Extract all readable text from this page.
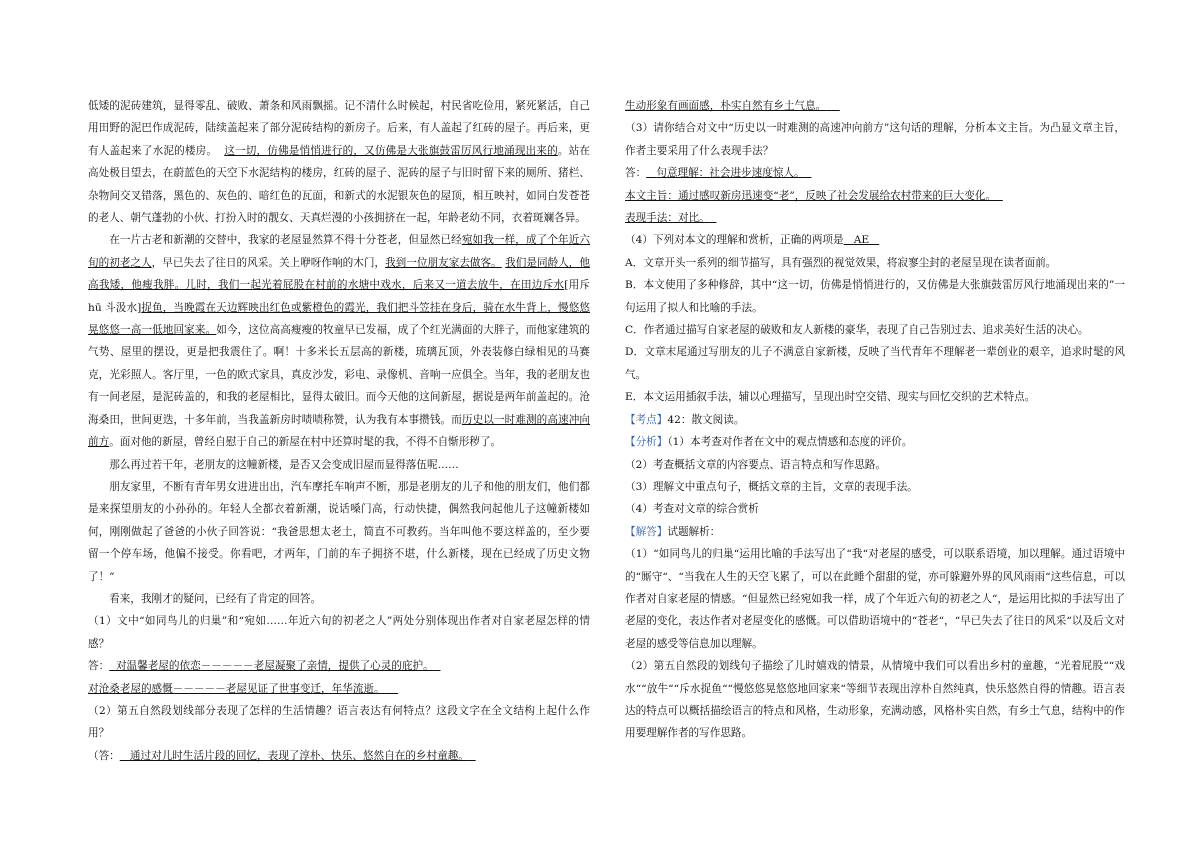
低矮的泥砖建筑，显得零乱、破败、萧条和风雨飘摇。记不清什么时候起，村民省吃俭用，紧死紧活，自己用田野的泥巴作成泥砖，陆续盖起来了部分泥砖结构的新房子。后来，有人盖起了红砖的屋子。再后来，更有人盖起来了水泥的楼房。 这一切，仿佛是悄悄进行的，又仿佛是大张旗鼓雷厉风行地涌现出来的。站在高处极目望去，在蔚蓝色的天空下水泥结构的楼房，红砖的屋子、泥砖的屋子与旧时留下来的厕所、猪栏、杂物间交叉错落，黑色的、灰色的、暗红色的瓦面，和新式的水泥银灰色的屋顶，相互映衬，如同白发苍苍的老人、朝气蓬勃的小伙、打扮入时的靓女、天真烂漫的小孩拥挤在一起，年龄老幼不同，衣着斑斓各异。

在一片古老和新潮的交替中，我家的老屋显然算不得十分苍老，但显然已经宛如我一样，成了个年近六旬的初老之人，早已失去了往日的风采。关上咿呀作响的木门，我到一位朋友家去做客。 我们是同龄人，他高我矮，他瘦我胖。儿时，我们一起光着屁股在村前的水塘中戏水，后来又一道去放牛，在田边斥水[用斥 hū 斗汲水]捉鱼，当晚霞在天边辉映出红色或紫橙色的霞光，我们把斗笠挂在身后，骑在水牛背上，慢悠悠晃悠悠一高一低地回家来。如今，这位高高瘦瘦的牧童早已发福，成了个红光满面的大胖子，而他家建筑的气势、屋里的摆设，更是把我震住了。啊！十多米长五层高的新楼，琉璃瓦顶，外表装修白绿相见的马赛克，光彩照人。客厅里，一色的欧式家具，真皮沙发，彩电、录像机、音响一应俱全。当年，我的老朋友也有一间老屋，是泥砖盖的，和我的老屋相比，显得太破旧。而今天他的这间新屋，据说是两年前盖起的。沧海桑田，世间更迭，十多年前，当我盖新房时啧啧称赞，认为我有本事攒钱。而历史以一时难测的高速冲向前方。面对他的新屋，曾经自慰于自己的新屋在村中还算时髦的我，不得不自惭形秽了。

那么再过若干年，老朋友的这幢新楼，是否又会变成旧屋而显得落伍呢……

朋友家里，不断有青年男女进进出出，汽车摩托车响声不断，那是老朋友的儿子和他的朋友们，他们都是来探望朋友的小孙孙的。年轻人全都衣着新潮，说话嗓门高，行动快捷，偶然我问起他儿子这幢新楼如何，刚刚做起了爸爸的小伙子回答说：“我爸思想太老土，简直不可教药。当年叫他不要这样盖的，至少要留一个停车场，他偏不接受。你看吧，才两年，门前的车子拥挤不堪，什么新楼，现在已经成了历史文物了！”

看来，我刚才的疑问，已经有了肯定的回答。

（1）文中“如同鸟儿的归巢”和“宛如……年近六旬的初老之人”两处分别体现出作者对自家老屋怎样的情感？

答： 对温馨老屋的依恋－－－－－老屋凝聚了亲情，提供了心灵的庇护。

对沧桑老屋的感慨－－－－－老屋见证了世事变迁，年华流逝。

（2）第五自然段划线部分表现了怎样的生活情趣？语言表达有何特点？这段文字在全文结构上起什么作用？

（答： 通过对儿时生活片段的回忆，表现了淳朴、快乐、悠然自在的乡村童趣。

生动形象有画面感，朴实自然有乡土气息。

（3）请你结合对文中“历史以一时难测的高速冲向前方”这句话的理解，分析本文主旨。为凸显文章主旨，作者主要采用了什么表现手法？

答： 句意理解：社会进步速度惊人。

本文主旨：通过感叹新房迅速变“老”，反映了社会发展给农村带来的巨大变化。

表现手法：对比。

（4）下列对本文的理解和赏析，正确的两项是 AE

A．文章开头一系列的细节描写，具有强烈的视觉效果，将寂寥尘封的老屋呈现在读者面前。

B．本文使用了多种修辞，其中“这一切，仿佛是悄悄进行的，又仿佛是大张旗鼓雷厉风行地涌现出来的”一句运用了拟人和比喻的手法。

C．作者通过描写自家老屋的破败和友人新楼的豪华，表现了自己告别过去、追求美好生活的决心。

D．文章末尾通过写朋友的儿子不满意自家新楼，反映了当代青年不理解老一辈创业的艰辛，追求时髦的风气。

E．本文运用插叙手法，辅以心理描写，呈现出时空交错、现实与回忆交织的艺术特点。

【考点】42：散文阅读。

【分析】（1）本考查对作者在文中的观点情感和态度的评价。

（2）考查概括文章的内容要点、语言特点和写作思路。

（3）理解文中重点句子，概括文章的主旨，文章的表现手法。

（4）考查对文章的综合赏析

【解答】试题解析：

（1）“如同鸟儿的归巢“运用比喻的手法写出了“我“对老屋的感受，可以联系语境，加以理解。通过语境中的“厮守“、“当我在人生的天空飞累了，可以在此睡个甜甜的觉，亦可躲避外界的风风雨雨“这些信息，可以作者对自家老屋的情感。“但显然已经宛如我一样，成了个年近六旬的初老之人“，是运用比拟的手法写出了老屋的变化，表达作者对老屋变化的感慨。可以借助语境中的“苍老“，“早已失去了往日的风采“以及后文对老屋的感受等信息加以理解。

（2）第五自然段的划线句子描绘了儿时嬉戏的情景，从情境中我们可以看出乡村的童趣，“光着屁股““戏水““放牛““斥水捉鱼““慢悠悠晃悠悠地回家来“等细节表现出淳朴自然纯真，快乐悠然自得的情趣。语言表达的特点可以概括描绘语言的特点和风格，生动形象，充满动感，风格朴实自然，有乡土气息，结构中的作用要理解作者的写作思路。
